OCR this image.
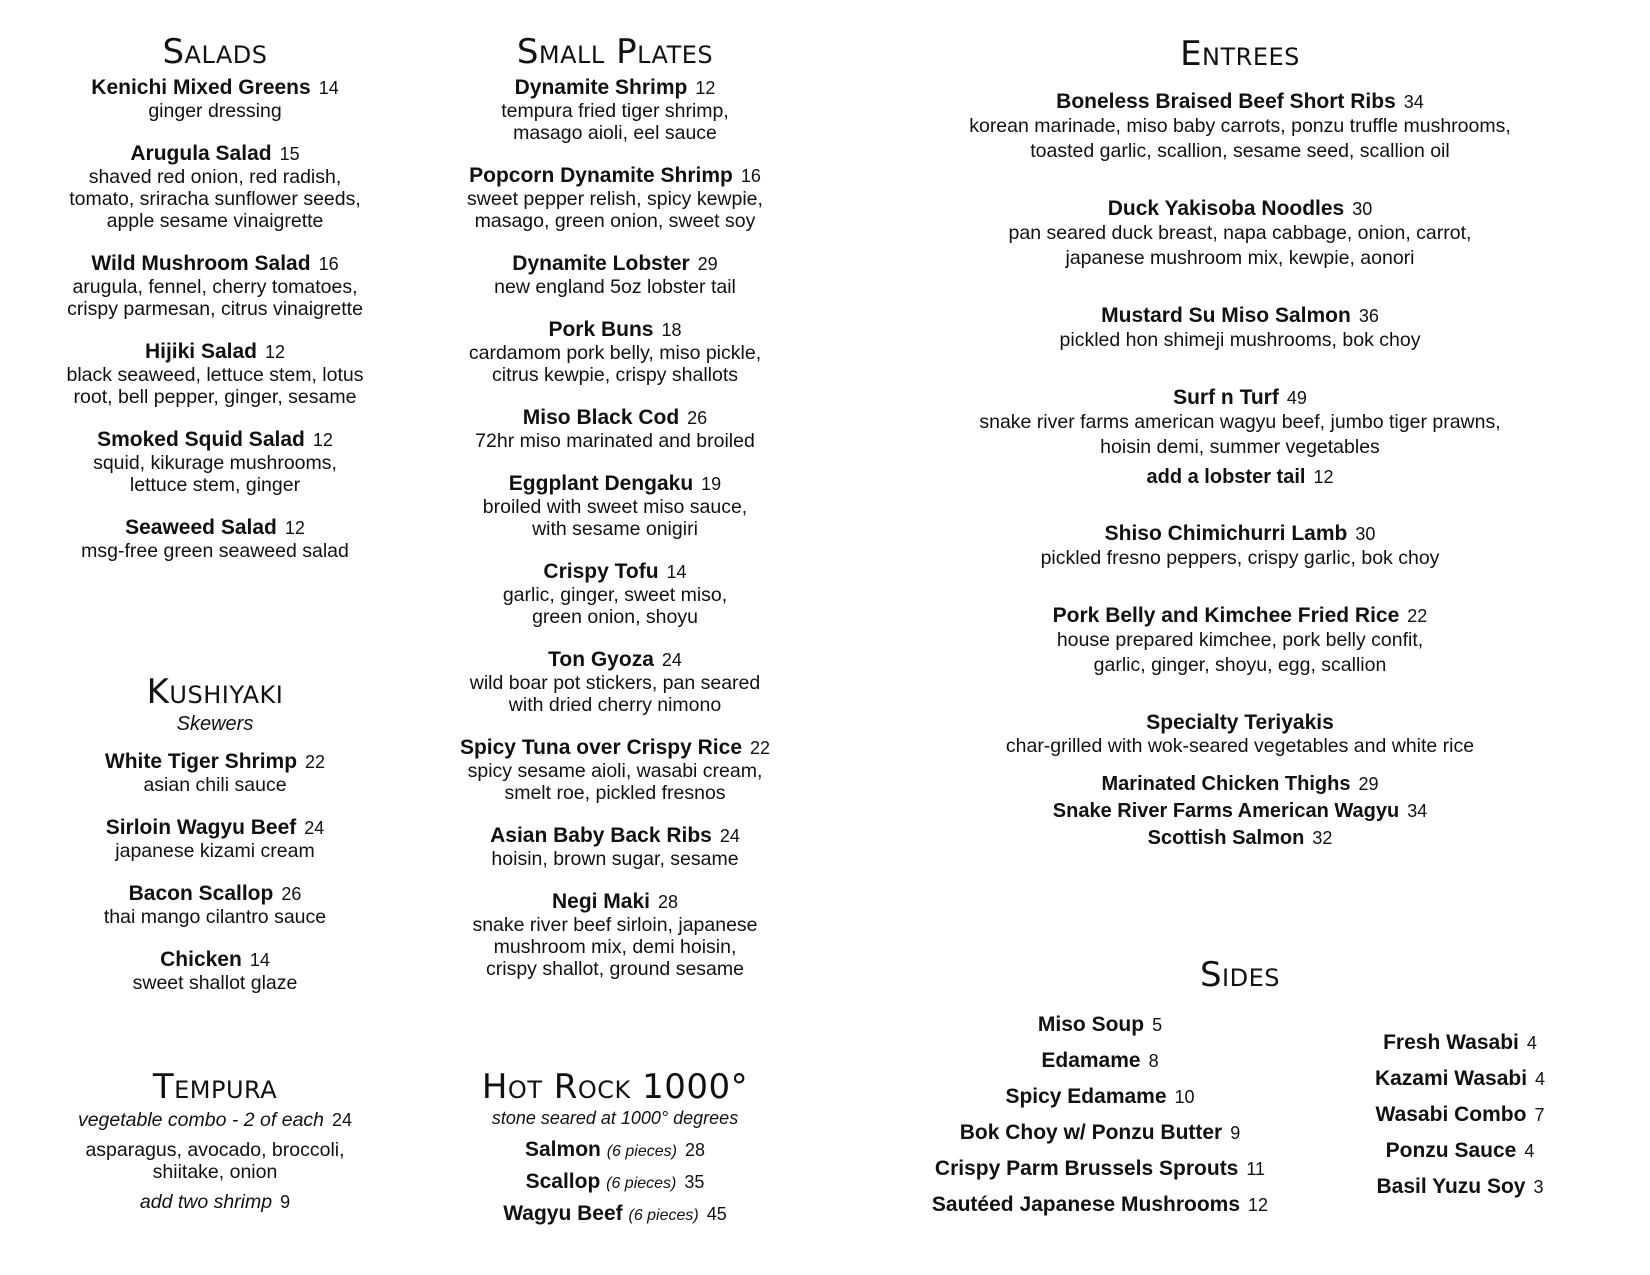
Salads
Kenichi Mixed Greens 14
ginger dressing
Arugula Salad 15
shaved red onion, red radish,
tomato, sriracha sunflower seeds,
apple sesame vinaigrette
Wild Mushroom Salad 16
arugula, fennel, cherry tomatoes,
crispy parmesan, citrus vinaigrette
Hijiki Salad 12
black seaweed, lettuce stem, lotus
root, bell pepper, ginger, sesame
Smoked Squid Salad 12
squid, kikurage mushrooms,
lettuce stem, ginger
Seaweed Salad 12
msg-free green seaweed salad
Kushiyaki
Skewers
White Tiger Shrimp 22
asian chili sauce
Sirloin Wagyu Beef 24
japanese kizami cream
Bacon Scallop 26
thai mango cilantro sauce
Chicken 14
sweet shallot glaze
Tempura
vegetable combo - 2 of each 24
asparagus, avocado, broccoli,
shiitake, onion
add two shrimp 9
Small Plates
Dynamite Shrimp 12
tempura fried tiger shrimp,
masago aioli, eel sauce
Popcorn Dynamite Shrimp 16
sweet pepper relish, spicy kewpie,
masago, green onion, sweet soy
Dynamite Lobster 29
new england 5oz lobster tail
Pork Buns 18
cardamom pork belly, miso pickle,
citrus kewpie, crispy shallots
Miso Black Cod 26
72hr miso marinated and broiled
Eggplant Dengaku 19
broiled with sweet miso sauce,
with sesame onigiri
Crispy Tofu 14
garlic, ginger, sweet miso,
green onion, shoyu
Ton Gyoza 24
wild boar pot stickers, pan seared
with dried cherry nimono
Spicy Tuna over Crispy Rice 22
spicy sesame aioli, wasabi cream,
smelt roe, pickled fresnos
Asian Baby Back Ribs 24
hoisin, brown sugar, sesame
Negi Maki 28
snake river beef sirloin, japanese
mushroom mix, demi hoisin,
crispy shallot, ground sesame
Hot Rock 1000°
stone seared at 1000° degrees
Salmon (6 pieces) 28
Scallop (6 pieces) 35
Wagyu Beef (6 pieces) 45
Entrees
Boneless Braised Beef Short Ribs 34
korean marinade, miso baby carrots, ponzu truffle mushrooms,
toasted garlic, scallion, sesame seed, scallion oil
Duck Yakisoba Noodles 30
pan seared duck breast, napa cabbage, onion, carrot,
japanese mushroom mix, kewpie, aonori
Mustard Su Miso Salmon 36
pickled hon shimeji mushrooms, bok choy
Surf n Turf 49
snake river farms american wagyu beef, jumbo tiger prawns,
hoisin demi, summer vegetables
add a lobster tail 12
Shiso Chimichurri Lamb 30
pickled fresno peppers, crispy garlic, bok choy
Pork Belly and Kimchee Fried Rice 22
house prepared kimchee, pork belly confit,
garlic, ginger, shoyu, egg, scallion
Specialty Teriyakis
char-grilled with wok-seared vegetables and white rice
Marinated Chicken Thighs 29
Snake River Farms American Wagyu 34
Scottish Salmon 32
Sides
Miso Soup 5
Edamame 8
Spicy Edamame 10
Bok Choy w/ Ponzu Butter 9
Crispy Parm Brussels Sprouts 11
Sautéed Japanese Mushrooms 12
Fresh Wasabi 4
Kazami Wasabi 4
Wasabi Combo 7
Ponzu Sauce 4
Basil Yuzu Soy 3
